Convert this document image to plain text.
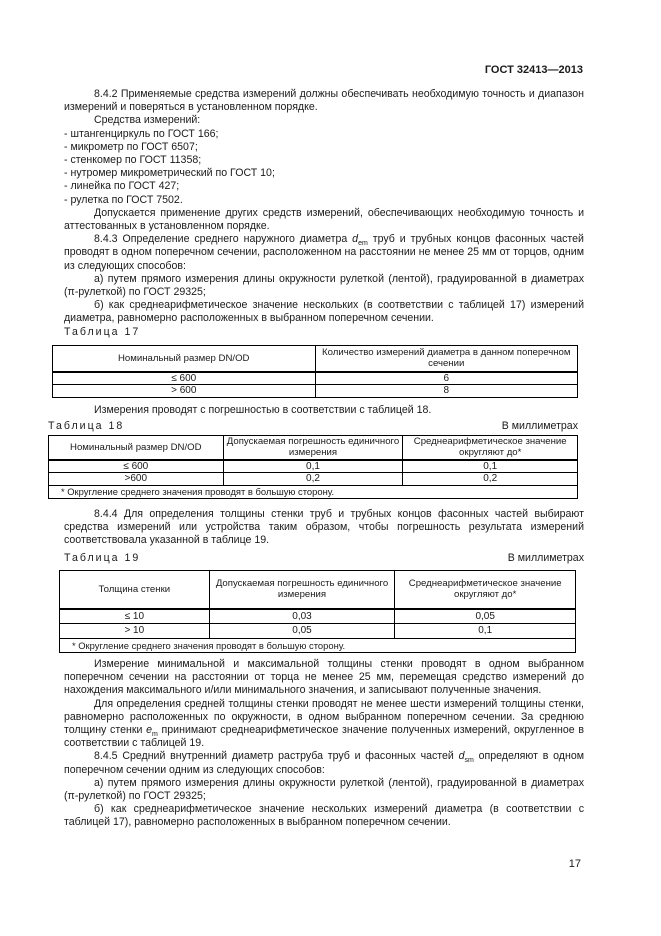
ГОСТ 32413—2013

8.4.2 Применяемые средства измерений должны обеспечивать необходимую точность и диапазон измерений и поверяться в установленном порядке.

Средства измерений:

- штангенциркуль по ГОСТ 166;

- микрометр по ГОСТ 6507;

- стенкомер по ГОСТ 11358;

- нутромер микрометрический по ГОСТ 10;

- линейка по ГОСТ 427;

- рулетка по ГОСТ 7502.

Допускается применение других средств измерений, обеспечивающих необходимую точность и аттестованных в установленном порядке.

8.4.3 Определение среднего наружного диаметра $d_{em}$ труб и трубных концов фасонных частей проводят в одном поперечном сечении, расположенном на расстоянии не менее 25 мм от торцов, одним из следующих способов:

а) путем прямого измерения длины окружности рулеткой (лентой), градуированной в диаметрах (π-рулеткой) по ГОСТ 29325;

б) как среднеарифметическое значение нескольких (в соответствии с таблицей 17) измерений диаметра, равномерно расположенных в выбранном поперечном сечении.

Таблица 17

Номинальный размер DN/OD	Количество измерений диаметра в данном поперечном сечении
≤ 600	6
> 600	8

Измерения проводят с погрешностью в соответствии с таблицей 18.

Таблица 18	В миллиметрах
Номинальный размер DN/OD	Допускаемая погрешность единичного измерения	Среднеарифметическое значение округляют до*
≤ 600	0,1	0,1
>600	0,2	0,2
* Округление среднего значения проводят в большую сторону.		

8.4.4 Для определения толщины стенки труб и трубных концов фасонных частей выбирают средства измерений или устройства таким образом, чтобы погрешность результата измерений соответствовала указанной в таблице 19.

Таблица 19	В миллиметрах
Толщина стенки	Допускаемая погрешность единичного измерения	Среднеарифметическое значение округляют до*
≤ 10	0,03	0,05
> 10	0,05	0,1
* Округление среднего значения проводят в большую сторону.		

Измерение минимальной и максимальной толщины стенки проводят в одном выбранном поперечном сечении на расстоянии от торца не менее 25 мм, перемещая средство измерений до нахождения максимального и/или минимального значения, и записывают полученные значения.

Для определения средней толщины стенки проводят не менее шести измерений толщины стенки, равномерно расположенных по окружности, в одном выбранном поперечном сечении. За среднюю толщину стенки $e_m$ принимают среднеарифметическое значение полученных измерений, округленное в соответствии с таблицей 19.

8.4.5 Средний внутренний диаметр раструба труб и фасонных частей $d_{sm}$ определяют в одном поперечном сечении одним из следующих способов:

а) путем прямого измерения длины окружности рулеткой (лентой), градуированной в диаметрах (π-рулеткой) по ГОСТ 29325;

б) как среднеарифметическое значение нескольких измерений диаметра (в соответствии с таблицей 17), равномерно расположенных в выбранном поперечном сечении.

17
